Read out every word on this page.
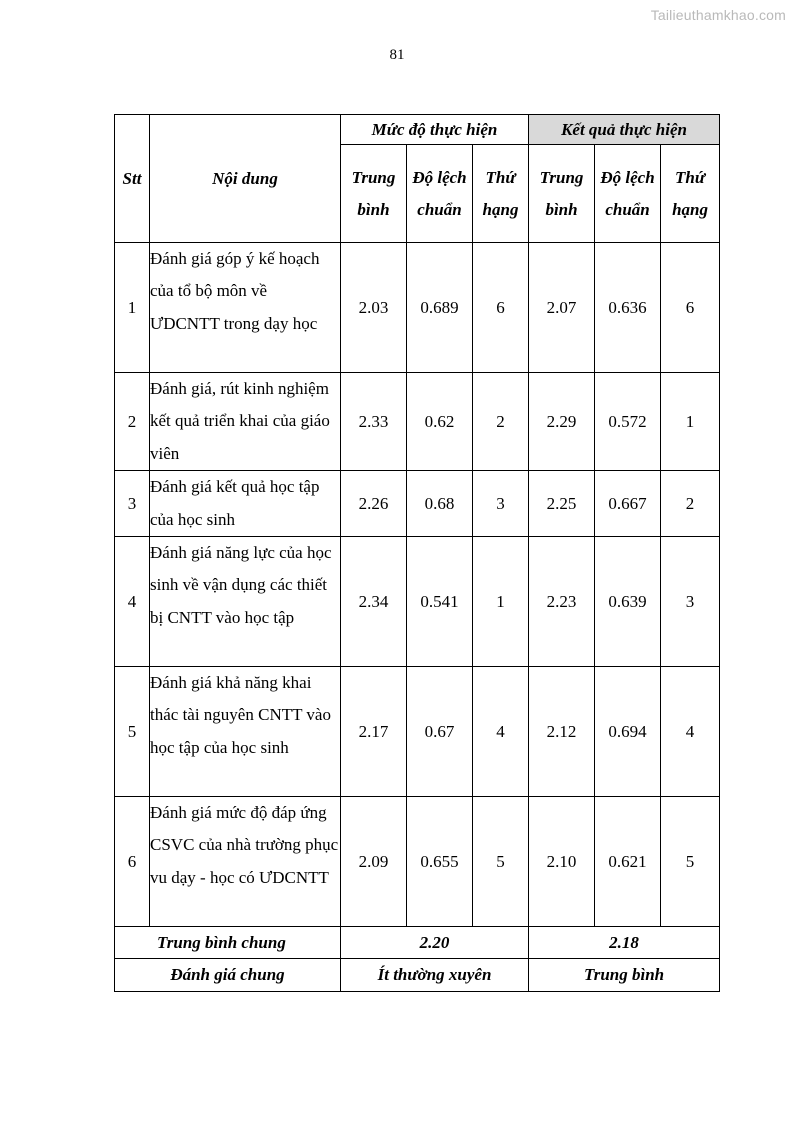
Tailieuthamkhao.com
81
Stt	Nội dung	Mức độ thực hiện			Kết quả thực hiện		
		Trung bình	Độ lệch chuẩn	Thứ hạng	Trung bình	Độ lệch chuẩn	Thứ hạng
1	Đánh giá góp ý kế hoạch của tổ bộ môn về ƯDCNTT trong dạy học	2.03	0.689	6	2.07	0.636	6
2	Đánh giá, rút kinh nghiệm kết quả triển khai của giáo viên	2.33	0.62	2	2.29	0.572	1
3	Đánh giá kết quả học tập của học sinh	2.26	0.68	3	2.25	0.667	2
4	Đánh giá năng lực của học sinh về vận dụng các thiết bị CNTT vào học tập	2.34	0.541	1	2.23	0.639	3
5	Đánh giá khả năng khai thác tài nguyên CNTT vào học tập của học sinh	2.17	0.67	4	2.12	0.694	4
6	Đánh giá mức độ đáp ứng CSVC của nhà trường phục vu dạy - học có ƯDCNTT	2.09	0.655	5	2.10	0.621	5
Trung bình chung		2.20			2.18		
Đánh giá chung		Ít thường xuyên			Trung bình		
